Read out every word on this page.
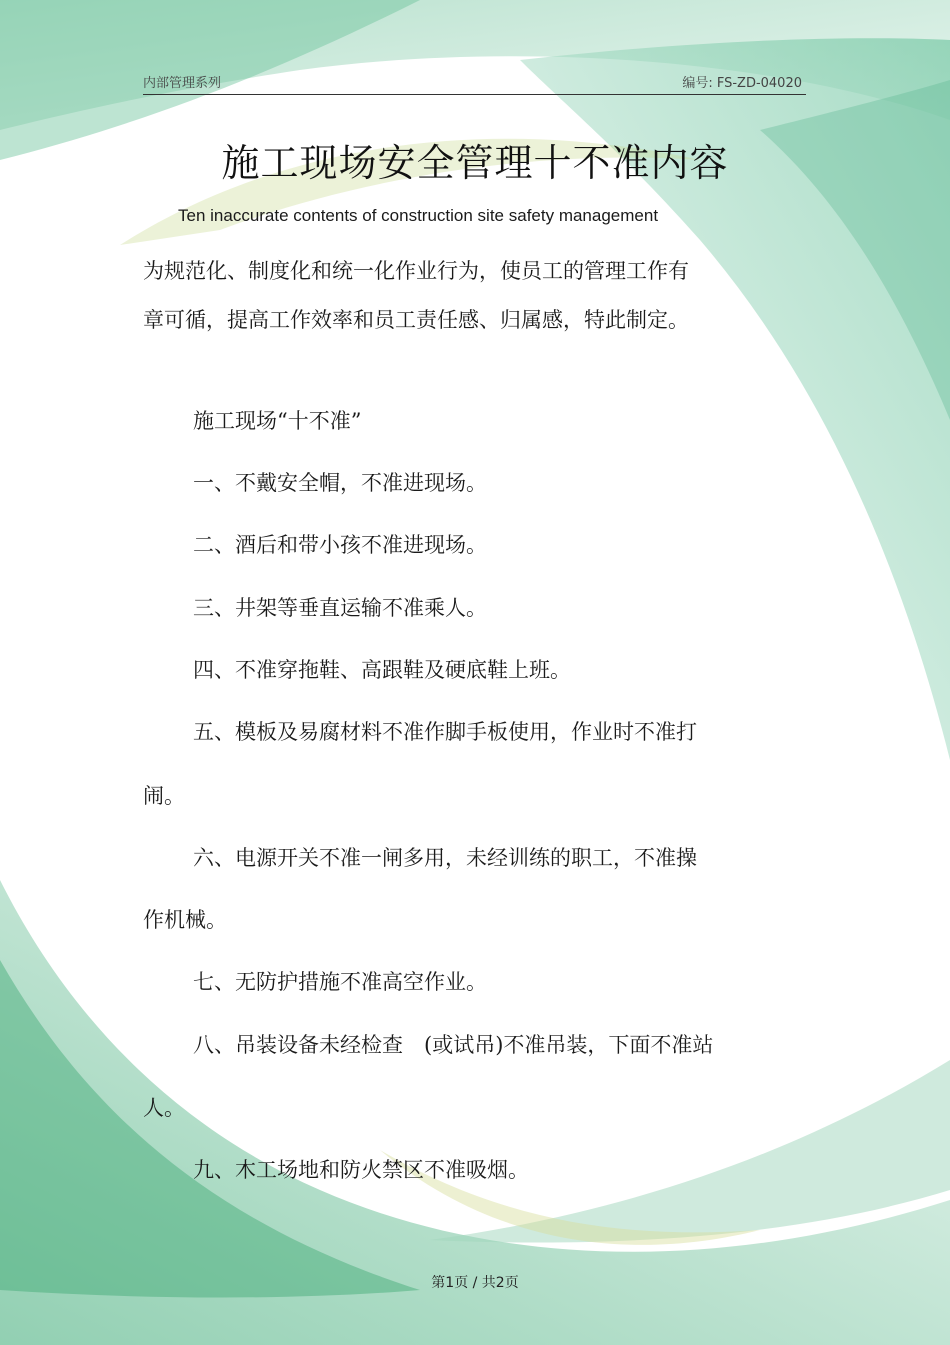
内部管理系列	编号: FS-ZD-04020
施工现场安全管理十不准内容
Ten inaccurate contents of construction site safety management
为规范化、制度化和统一化作业行为，使员工的管理工作有
章可循，提高工作效率和员工责任感、归属感，特此制定。
施工现场“十不准”
一、不戴安全帽，不准进现场。
二、酒后和带小孩不准进现场。
三、井架等垂直运输不准乘人。
四、不准穿拖鞋、高跟鞋及硬底鞋上班。
五、模板及易腐材料不准作脚手板使用，作业时不准打
闹。
六、电源开关不准一闸多用，未经训练的职工，不准操
作机械。
七、无防护措施不准高空作业。
八、吊装设备未经检查　(或试吊)不准吊装，下面不准站
人。
九、木工场地和防火禁区不准吸烟。
第1页 / 共2页
